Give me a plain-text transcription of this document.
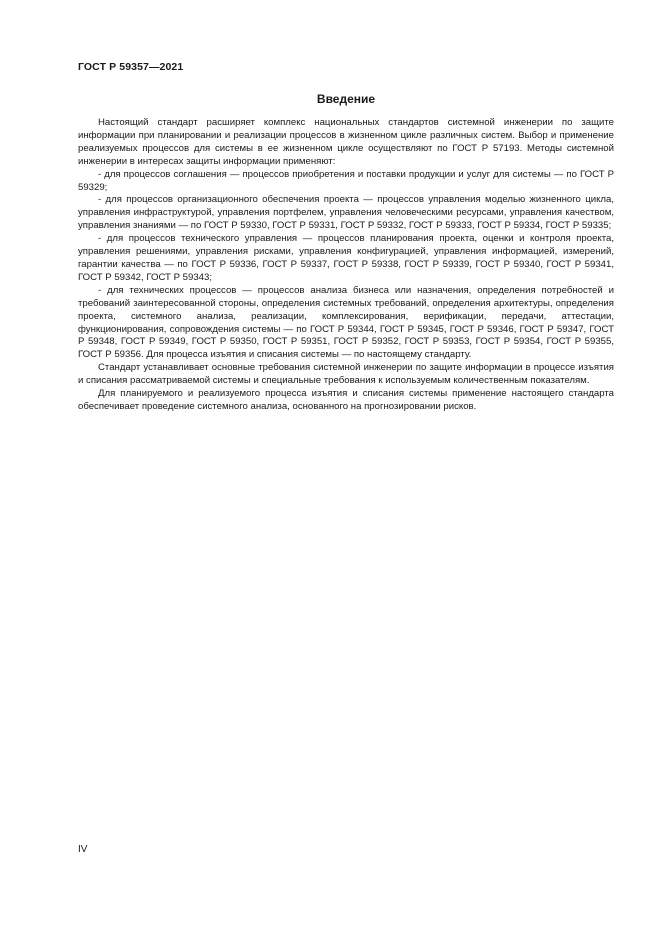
ГОСТ Р 59357—2021
Введение

Настоящий стандарт расширяет комплекс национальных стандартов системной инженерии по защите информации при планировании и реализации процессов в жизненном цикле различных систем. Выбор и применение реализуемых процессов для системы в ее жизненном цикле осуществляют по ГОСТ Р 57193. Методы системной инженерии в интересах защиты информации применяют:

- для процессов соглашения — процессов приобретения и поставки продукции и услуг для системы — по ГОСТ Р 59329;

- для процессов организационного обеспечения проекта — процессов управления моделью жизненного цикла, управления инфраструктурой, управления портфелем, управления человеческими ресурсами, управления качеством, управления знаниями — по ГОСТ Р 59330, ГОСТ Р 59331, ГОСТ Р 59332, ГОСТ Р 59333, ГОСТ Р 59334, ГОСТ Р 59335;

- для процессов технического управления — процессов планирования проекта, оценки и контроля проекта, управления решениями, управления рисками, управления конфигурацией, управления информацией, измерений, гарантии качества — по ГОСТ Р 59336, ГОСТ Р 59337, ГОСТ Р 59338, ГОСТ Р 59339, ГОСТ Р 59340, ГОСТ Р 59341, ГОСТ Р 59342, ГОСТ Р 59343;

- для технических процессов — процессов анализа бизнеса или назначения, определения потребностей и требований заинтересованной стороны, определения системных требований, определения архитектуры, определения проекта, системного анализа, реализации, комплексирования, верификации, передачи, аттестации, функционирования, сопровождения системы — по ГОСТ Р 59344, ГОСТ Р 59345, ГОСТ Р 59346, ГОСТ Р 59347, ГОСТ Р 59348, ГОСТ Р 59349, ГОСТ Р 59350, ГОСТ Р 59351, ГОСТ Р 59352, ГОСТ Р 59353, ГОСТ Р 59354, ГОСТ Р 59355, ГОСТ Р 59356. Для процесса изъятия и списания системы — по настоящему стандарту.

Стандарт устанавливает основные требования системной инженерии по защите информации в процессе изъятия и списания рассматриваемой системы и специальные требования к используемым количественным показателям.

Для планируемого и реализуемого процесса изъятия и списания системы применение настоящего стандарта обеспечивает проведение системного анализа, основанного на прогнозировании рисков.

IV
